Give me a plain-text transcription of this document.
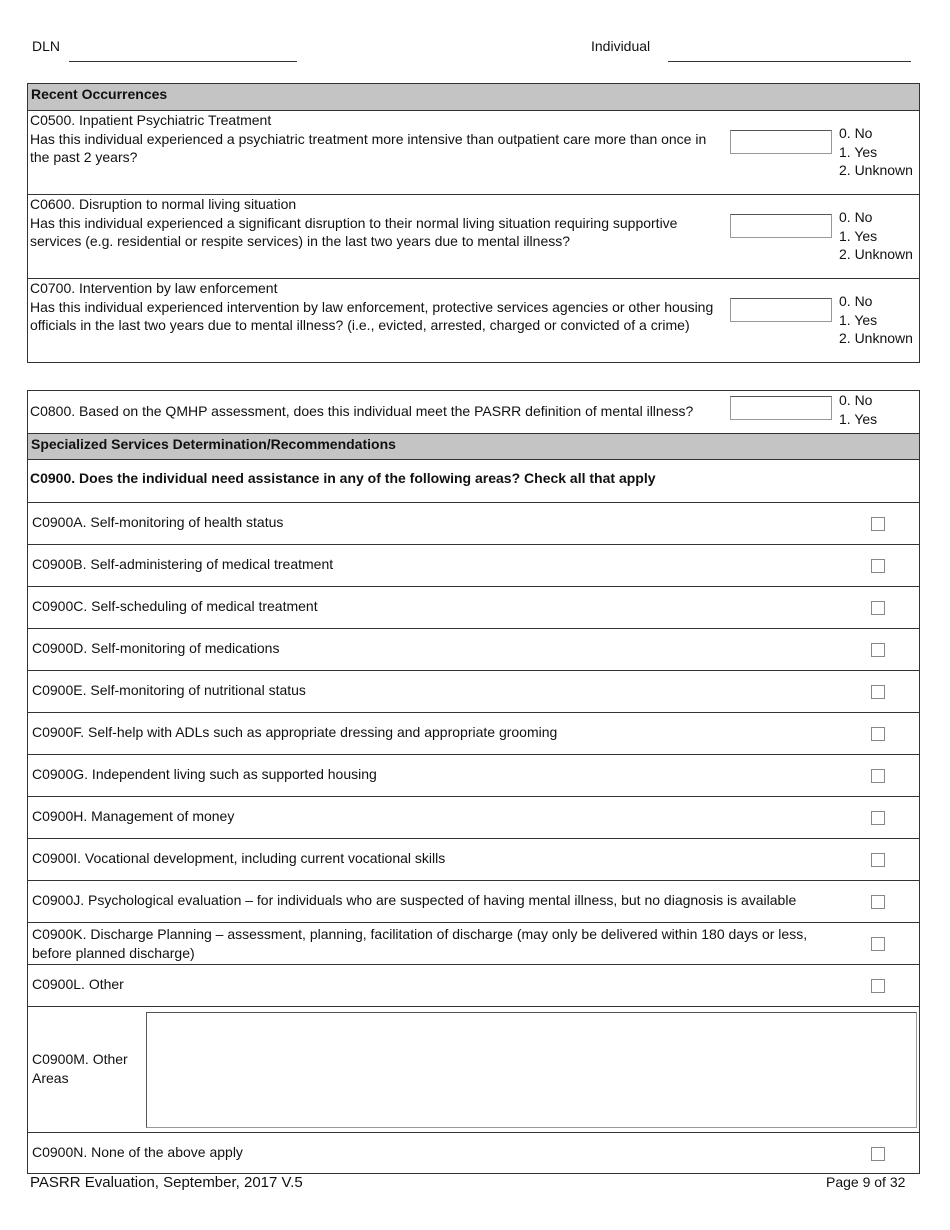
DLN	Individual
Recent Occurrences
C0500. Inpatient Psychiatric Treatment
Has this individual experienced a psychiatric treatment more intensive than outpatient care more than once in the past 2 years?
0. No
1. Yes
2. Unknown
C0600. Disruption to normal living situation
Has this individual experienced a significant disruption to their normal living situation requiring supportive services (e.g. residential or respite services) in the last two years due to mental illness?
0. No
1. Yes
2. Unknown
C0700. Intervention by law enforcement
Has this individual experienced intervention by law enforcement, protective services agencies or other housing officials in the last two years due to mental illness? (i.e., evicted, arrested, charged or convicted of a crime)
0. No
1. Yes
2. Unknown
C0800. Based on the QMHP assessment, does this individual meet the PASRR definition of mental illness?
0. No
1. Yes
Specialized Services Determination/Recommendations
C0900. Does the individual need assistance in any of the following areas? Check all that apply
C0900A. Self-monitoring of health status
C0900B. Self-administering of medical treatment
C0900C. Self-scheduling of medical treatment
C0900D. Self-monitoring of medications
C0900E. Self-monitoring of nutritional status
C0900F. Self-help with ADLs such as appropriate dressing and appropriate grooming
C0900G. Independent living such as supported housing
C0900H. Management of money
C0900I. Vocational development, including current vocational skills
C0900J. Psychological evaluation – for individuals who are suspected of having mental illness, but no diagnosis is available
C0900K. Discharge Planning – assessment, planning, facilitation of discharge (may only be delivered within 180 days or less, before planned discharge)
C0900L. Other
C0900M. Other Areas
C0900N. None of the above apply
PASRR Evaluation, September, 2017 V.5	Page 9 of 32
